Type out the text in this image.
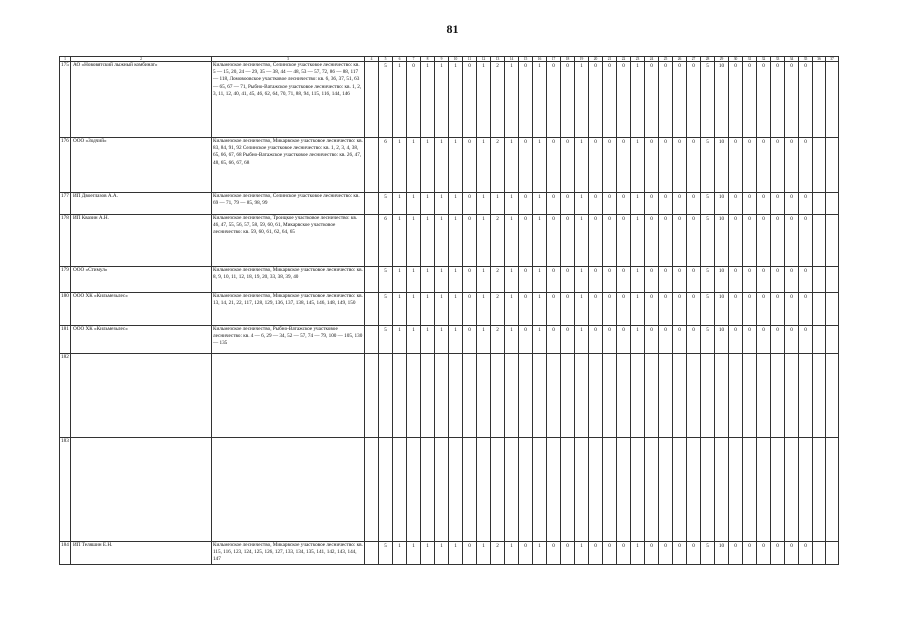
81
1	2	3	4	5	6	7	8	9	10	11	12	13	14	15	16	17	18	19	20	21	22	23	24	25	26	27	28	29	30	31	32	33	34	35	36	37
175	АО «Нововятский лыжный комбинат»	Кильмезское лесничество, Селинское участковое лесничество: кв. 5 — 15, 20, 24 — 29, 35 — 38, 44 — 48, 53 — 57, 72, 86 — 88, 117 — 118, Ломовоовское участковое лесничество: кв. 6, 36, 37, 51, 63 — 65, 67 — 71, Рыбно-Ватажское участковое лесничество: кв. 1, 2, 3, 11, 12, 40, 41, 45, 46, 62, 64, 70, 71, 88, 94, 115, 116, 144, 146		5	1	0	1	1	1	0	1	2	1	0	1	0	0	1	0	0	0	1	0	0	0	0	5	10	0	0	0	0	0	0		

176	ООО «Зодчий»	Кильмезское лесничество, Микарвское участковое лесничество: кв. 83, 84, 91, 92 Селинское участковое лесничество: кв. 1, 2, 3, 4, 38, 65, 66, 67, 68 Рыбно-Ватажское участковое лесничество: кв. 26, 47, 48, 65, 66, 67, 68		6	1	1	1	1	1	0	1	2	1	0	1	0	0	1	0	0	0	1	0	0	0	0	5	10	0	0	0	0	0	0		

177	ИП Двоеглазов А.А.	Кильмезское лесничество, Селинское участковое лесничество: кв. 69 — 71, 79 — 85, 98, 99		5	1	1	1	1	1	0	1	1	1	0	1	0	0	1	0	0	0	1	0	0	0	0	5	10	0	0	0	0	0	0		

178	ИП Квазин А.Н.	Кильмезское лесничество, Троицкое участковое лесничество: кв. 46, 47, 55, 56, 57, 58, 59, 60, 61, Микарвское участковое лесничество: кв. 59, 60, 61, 62, 64, 65		6	1	1	1	1	1	0	1	2	1	0	1	0	0	1	0	0	0	1	0	0	0	0	5	10	0	0	0	0	0	0		

179	ООО «Стимул»	Кильмезское лесничество, Микарвское участковое лесничество: кв. 8, 9, 10, 11, 12, 18, 19, 20, 33, 38, 39, 40		5	1	1	1	1	1	0	1	2	1	0	1	0	0	1	0	0	0	1	0	0	0	0	5	10	0	0	0	0	0	0		

180	ООО ХК «Кильмезьлес»	Кильмезское лесничество, Микарвское участковое лесничество: кв. 13, 14, 21, 22, 117, 128, 129, 136, 137, 138, 145, 146, 148, 149, 150		5	1	1	1	1	1	0	1	2	1	0	1	0	0	1	0	0	0	1	0	0	0	0	5	10	0	0	0	0	0	0		

181	ООО ХК «Кильмезьлес»	Кильмезское лесничество, Рыбно-Ватажское участковое лесничество: кв. 4 — 6, 29 — 34, 52 — 57, 74 — 79, 100 — 105, 130 — 135		5	1	1	1	1	1	0	1	2	1	0	1	0	0	1	0	0	0	1	0	0	0	0	5	10	0	0	0	0	0	0		

182																																				
183																																				
184	ИП Теляшин Е.Н.	Кильмезское лесничество, Микарвское участковое лесничество: кв. 115, 116, 123, 124, 125, 126, 127, 133, 134, 135, 141, 142, 143, 144, 147		5	1	1	1	1	1	0	1	2	1	0	1	0	0	1	0	0	0	1	0	0	0	0	5	10	0	0	0	0	0	0		
